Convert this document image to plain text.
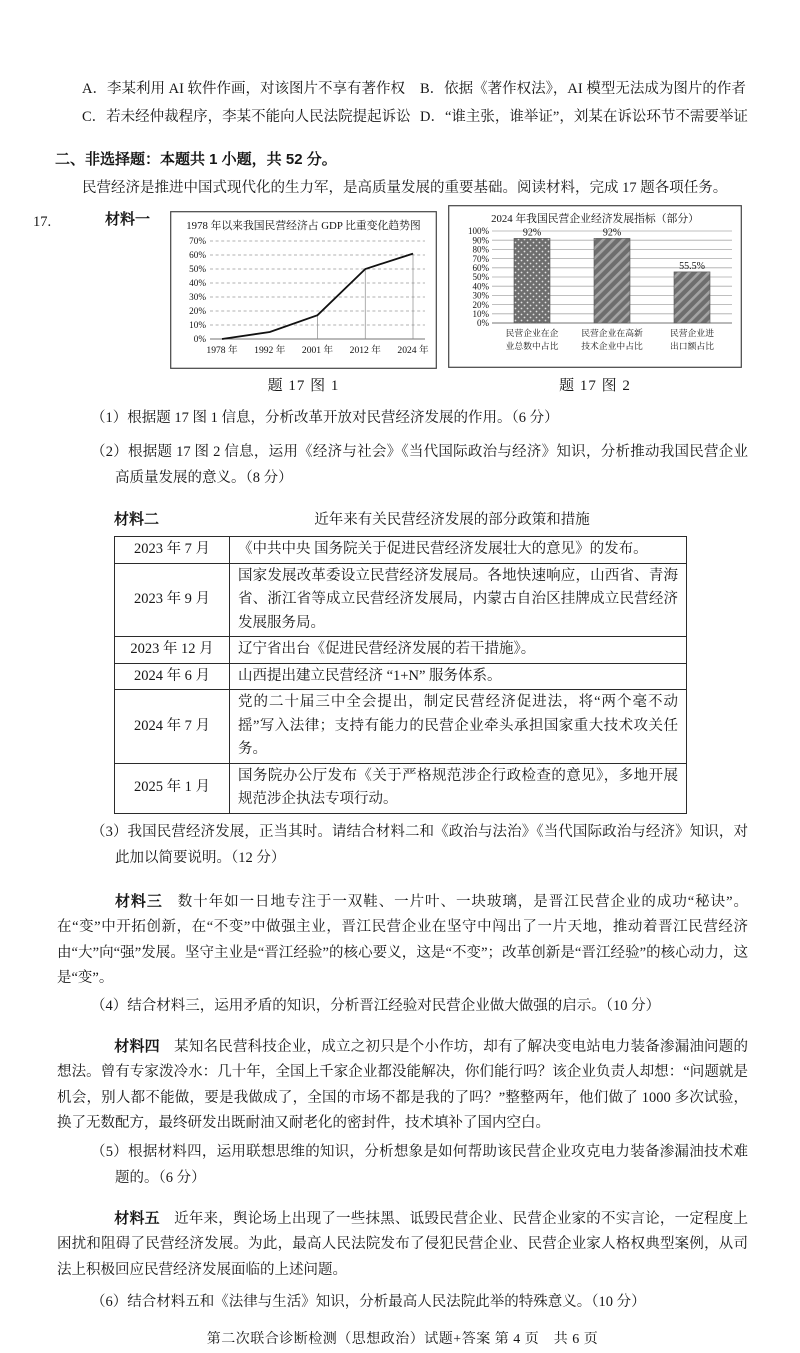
A．李某利用 AI 软件作画，对该图片不享有著作权	B．依据《著作权法》，AI 模型无法成为图片的作者
C．若未经仲裁程序，李某不能向人民法院提起诉讼 D．“谁主张，谁举证”，刘某在诉讼环节不需要举证
二、非选择题：本题共 1 小题，共 52 分。
民营经济是推进中国式现代化的生力军，是高质量发展的重要基础。阅读材料，完成 17 题各项任务。
17.	材料一
0%
10%
20%
30%
40%
50%
60%
70%
1978 年 1992 年 2001 年 2012 年 2024 年
1978 年以来我国民营经济占 GDP 比重变化趋势图
0%
10%
20%
30%
40%
50%
60%
70%
80%
90%
100%	92%
民营企业在企
业总数中占比
92%
民营企业在高新
技术企业中占比
55.5%
民营企业进
出口额占比
2024 年我国民营企业经济发展指标（部分）
题 17 图 1	题 17 图 2
（1）根据题 17 图 1 信息，分析改革开放对民营经济发展的作用。（6 分）
（2）根据题 17 图 2 信息，运用《经济与社会》《当代国际政治与经济》知识，分析推动我国民营企业高质量发展的意义。（8 分）
材料二	近年来有关民营经济发展的部分政策和措施
2023 年 7 月	《中共中央 国务院关于促进民营经济发展壮大的意见》的发布。
2023 年 9 月	国家发展改革委设立民营经济发展局。各地快速响应，山西省、青海省、浙江省等成立民营经济发展局，内蒙古自治区挂牌成立民营经济发展服务局。
2023 年 12 月	辽宁省出台《促进民营经济发展的若干措施》。
2024 年 6 月	山西提出建立民营经济 “1+N” 服务体系。
2024 年 7 月	党的二十届三中全会提出，制定民营经济促进法，将“两个毫不动摇”写入法律；支持有能力的民营企业牵头承担国家重大技术攻关任务。
2025 年 1 月	国务院办公厅发布《关于严格规范涉企行政检查的意见》，多地开展规范涉企执法专项行动。
（3）我国民营经济发展，正当其时。请结合材料二和《政治与法治》《当代国际政治与经济》知识，对此加以简要说明。（12 分）

材料三 数十年如一日地专注于一双鞋、一片叶、一块玻璃，是晋江民营企业的成功“秘诀”。在“变”中开拓创新，在“不变”中做强主业，晋江民营企业在坚守中闯出了一片天地，推动着晋江民营经济由“大”向“强”发展。坚守主业是“晋江经验”的核心要义，这是“不变”；改革创新是“晋江经验”的核心动力，这是“变”。

（4）结合材料三，运用矛盾的知识，分析晋江经验对民营企业做大做强的启示。（10 分）

材料四 某知名民营科技企业，成立之初只是个小作坊，却有了解决变电站电力装备渗漏油问题的想法。曾有专家泼冷水：几十年，全国上千家企业都没能解决，你们能行吗？该企业负责人却想：“问题就是机会，别人都不能做，要是我做成了，全国的市场不都是我的了吗？”整整两年，他们做了 1000 多次试验，换了无数配方，最终研发出既耐油又耐老化的密封件，技术填补了国内空白。

（5）根据材料四，运用联想思维的知识，分析想象是如何帮助该民营企业攻克电力装备渗漏油技术难题的。（6 分）

材料五 近年来，舆论场上出现了一些抹黑、诋毁民营企业、民营企业家的不实言论，一定程度上困扰和阻碍了民营经济发展。为此，最高人民法院发布了侵犯民营企业、民营企业家人格权典型案例，从司法上积极回应民营经济发展面临的上述问题。

（6）结合材料五和《法律与生活》知识，分析最高人民法院此举的特殊意义。（10 分）
第二次联合诊断检测（思想政治）试题+答案 第 4 页　共 6 页
